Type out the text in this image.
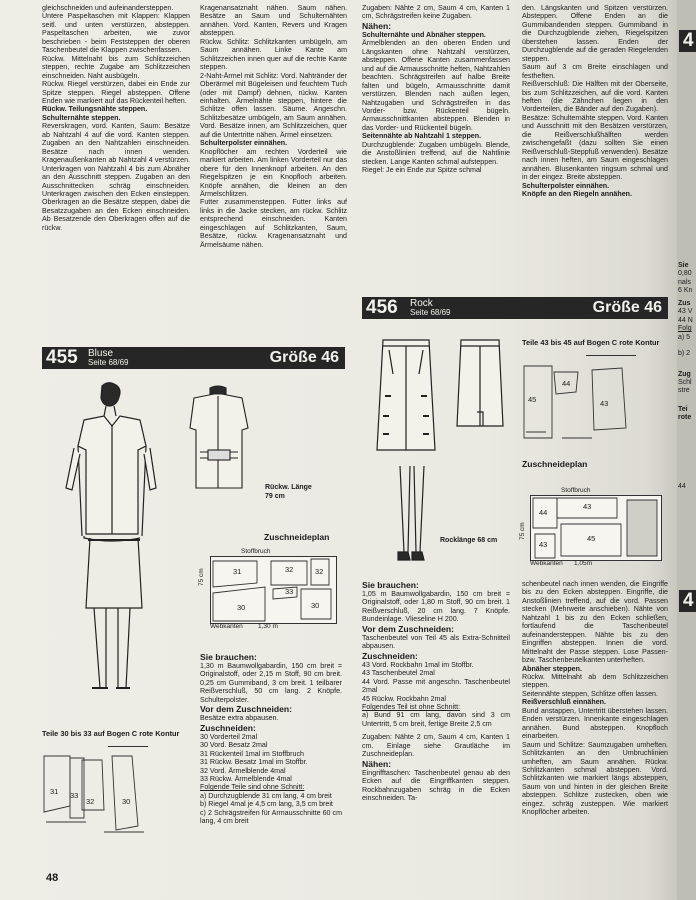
gleichschneiden und aufeinandersteppen.

Untere Paspeltaschen mit Klappen: Klappen seitl. und unten verstürzen, absteppen. Paspeltaschen arbeiten, wie zuvor beschrieben - beim Feststeppen der oberen Taschenbeutel die Klappen zwischenfassen.

Rückw. Mittelnaht bis zum Schlitzzeichen steppen, rechte Zugabe am Schlitzzeichen einschneiden. Naht ausbügeln.

Rückw. Riegel verstürzen, dabei ein Ende zur Spitze steppen. Riegel absteppen. Offene Enden wie markiert auf das Rückenteil heften.

Rückw. Teilungsnähte steppen.

Schulternähte steppen.

Reverskragen, vord. Kanten, Saum: Besätze ab Nahtzahl 4 auf die vord. Kanten steppen. Zugaben an den Nahtzahlen einschneiden. Besätze nach innen wenden. Kragenaußenkanten ab Nahtzahl 4 verstürzen. Unterkragen von Nahtzahl 4 bis zum Abnäher an den Ausschnitt steppen. Zugaben an den Ausschnittecken schräg einschneiden. Unterkragen zwischen den Ecken einsteppen. Oberkragen an die Besätze steppen, dabei die Besatzzugaben an den Ecken einschneiden. Ab Besatzende den Oberkragen offen auf die rückw.

Kragenansatznaht nähen. Saum nähen. Besätze an Saum und Schulternähten annähen. Vord. Kanten, Revers und Kragen absteppen.

Rückw. Schlitz: Schlitzkanten umbügeln, am Saum annähen. Linke Kante am Schlitzzeichen innen quer auf die rechte Kante steppen.

2-Naht-Ärmel mit Schlitz: Vord. Nahtränder der Oberärmel mit Bügeleisen und feuchtem Tuch (oder mit Dampf) dehnen, rückw. Kanten einhalten. Ärmelnähte steppen, hintere die Schlitze offen lassen. Säume. Angeschn. Schlitzbesätze umbügeln, am Saum annähen. Vord. Besätze innen, am Schlitzzeichen, quer auf die Untertritte nähen. Ärmel einsetzen.

Schulterpolster einnähen.

Knopflöcher am rechten Vorderteil wie markiert arbeiten. Am linken Vorderteil nur das obere für den Innenknopf arbeiten. An den Riegelspitzen je ein Knopfloch arbeiten. Knöpfe annähen, die kleinen an den Ärmelschlitzen.

Futter zusammensteppen. Futter links auf links in die Jacke stecken, am rückw. Schlitz entsprechend einschneiden. Kanten eingeschlagen auf Schlitzkanten, Saum, Besätze, rückw. Kragenansatznaht und Ärmelsäume nähen.

Zugaben: Nähte 2 cm, Saum 4 cm, Kanten 1 cm, Schrägstreifen keine Zugaben.

Nähen:

Schulternähte und Abnäher steppen.

Ärmelblenden an den oberen Enden und Längskanten ohne Nahtzahl verstürzen, absteppen. Offene Kanten zusammenfassen und auf die Armausschnitte heften, Nahtzahlen beachten. Schrägstreifen auf halbe Breite falten und bügeln, Armausschnitte damit verstürzen. Blenden nach außen legen, Nahtzugaben und Schrägstreifen in das Vorder- bzw. Rückenteil bügeln. Armausschnittkanten absteppen. Blenden in das Vorder- und Rückenteil bügeln.

Seitennähte ab Nahtzahl 1 steppen.

Durchzugblende: Zugaben umbügeln. Blende, die Anstoßlinien treffend, auf die Nahtlinie stecken. Lange Kanten schmal aufsteppen.

Riegel: Je ein Ende zur Spitze schmal

den. Längskanten und Spitzen verstürzen. Absteppen. Offene Enden an die Gummibandenden steppen. Gummiband in die Durchzugblende ziehen, Riegelspitzen überstehen lassen. Enden der Durchzugblende auf die geraden Riegelenden steppen.

Saum auf 3 cm Breite einschlagen und festheften.

Reißverschluß: Die Hälften mit der Oberseite, bis zum Schlitzzeichen, auf die vord. Kanten heften (die Zähnchen liegen in den Vorderteilen, die Bänder auf den Zugaben).

Besätze: Schulternähte steppen. Vord. Kanten und Ausschnitt mit den Besätzen verstürzen, die Reißverschlußhälften werden zwischengefaßt (dazu sollten Sie einen Reißverschluß-Steppfuß verwenden). Besätze nach innen heften, am Saum eingeschlagen annähen. Blusenkanten ringsum schmal und in der eingez. Breite absteppen.

Schulterpolster einnähen.

Knöpfe an den Riegeln annähen.

455 Bluse
Seite 68/69	Größe 46
456 Rock
Seite 68/69	Größe 46
Rückw. Länge
79 cm
Zuschneideplan
Stoffbruch
31
30
32
33
32
30
75 cm
Webkanten 1,30 m

Sie brauchen:

1,30 m Baumwollgabardin, 150 cm breit = Originalstoff, oder 2,15 m Stoff, 90 cm breit. 0,25 cm Gummiband, 3 cm breit. 1 teilbarer Reißverschluß, 50 cm lang. 2 Knöpfe. Schulterpolster.

Vor dem Zuschneiden:

Besätze extra abpausen.

Zuschneiden:

30 Vorderteil 2mal

30 Vord. Besatz 2mal

31 Rückenteil 1mal im Stoffbruch

31 Rückw. Besatz 1mal im Stoffbr.

32 Vord. Ärmelblende 4mal

33 Rückw. Ärmelblende 4mal

Folgende Teile sind ohne Schnitt:

a) Durchzugblende 31 cm lang, 4 cm breit

b) Riegel 4mal je 4,5 cm lang, 3,5 cm breit

c) 2 Schrägstreifen für Armausschnitte 60 cm lang, 4 cm breit

Teile 30 bis 33 auf Bogen C rote Kontur
31 33
32	30
Rocklänge 68 cm
Teile 43 bis 45 auf Bogen C rote Kontur
45
44
43
Zuschneideplan
Stoffbruch
44
43
43
45
75 cm
Webkanten 1,05m

Sie brauchen:

1,05 m Baumwollgabardin, 150 cm breit = Originalstoff, oder 1,80 m Stoff, 90 cm breit. 1 Reißverschluß, 20 cm lang. 7 Knöpfe. Bundeinlage. Vlieseline H 200.

Vor dem Zuschneiden:

Taschenbeutel von Teil 45 als Extra-Schnitteil abpausen.

Zuschneiden:

43 Vord. Rockbahn 1mal im Stoffbr.

43 Taschenbeutel 2mal

44 Vord. Passe mit angeschn. Taschenbeutel 2mal

45 Rückw. Rockbahn 2mal

Folgendes Teil ist ohne Schnitt:

a) Bund 91 cm lang, davon sind 3 cm Untertritt, 5 cm breit, fertige Breite 2,5 cm

Zugaben: Nähte 2 cm, Saum 4 cm, Kanten 1 cm. Einlage siehe Grautläche im Zuschneideplan.

Nähen:

Eingrifftaschen: Taschenbeutel genau ab den Ecken auf die Eingriffkanten steppen. Rockbahnzugaben schräg in die Ecken einschneiden. Ta-

schenbeutel nach innen wenden, die Eingriffe bis zu den Ecken absteppen. Eingriffe, die Anstoßlinien treffend, auf die vord. Passen stecken (Mehrweite anschieben). Nähte von Nahtzahl 1 bis zu den Ecken schließen, fortlaufend die Taschenbeutel aufeinandersteppen. Nähte bis zu den Eingriffen absteppen. Innen die vord. Mittelnaht der Passe steppen. Lose Passen- bzw. Taschenbeutelkanten unterheften.

Abnäher steppen.

Rückw. Mittelnaht ab dem Schlitzzeichen steppen.

Seitennähte steppen, Schlitze offen lassen.

Reißverschluß einnähen.

Bund anstappen, Untertritt überstehen lassen. Enden verstürzen. Innenkante eingeschlagen annähen. Bund absteppen. Knopfloch einarbeiten.

Saum und Schlitze: Saumzugaben umheften. Schlitzkanten an den Umbruchlinien umheften, am Saum annähen. Rückw. Schlitzkanten schmal absteppen. Vord. Schlitzkanten wie markiert längs absteppen, Saum von und hinten in der gleichen Breite absteppen. Schlitze zustecken, oben wie eingez. schräg zusteppen. Wie markiert Knopflöcher arbeiten.

48
4

Sie

0,80

nals

6 Kn

Zus

43 V

44 N

Folg

a) 5

b) 2

Zug

Schl

stre

Tei

rote

44

4
